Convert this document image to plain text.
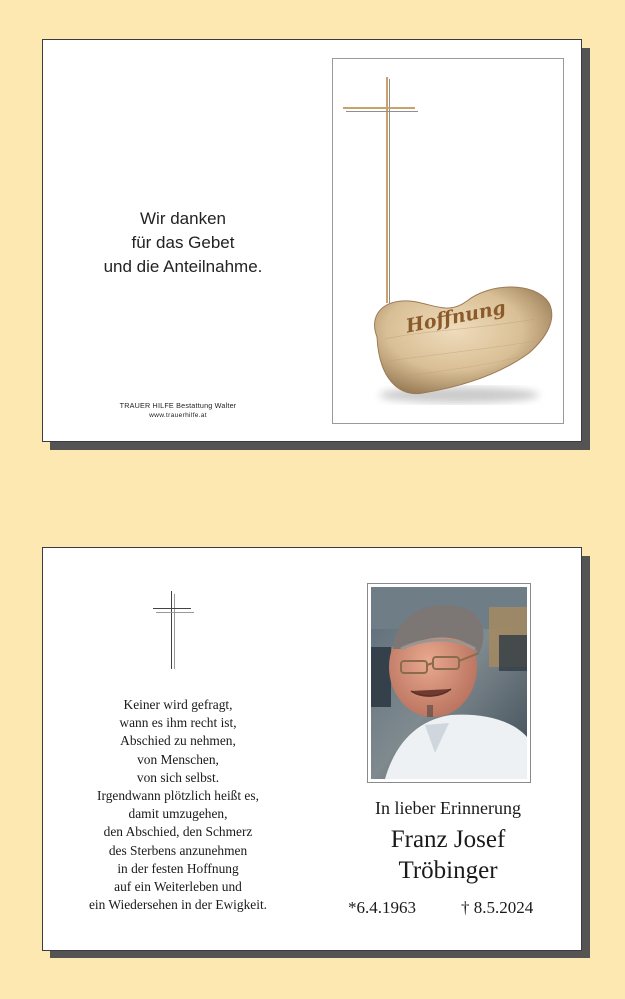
Wir danken
für das Gebet
und die Anteilnahme.
TRAUER HILFE Bestattung Walter
www.trauerhilfe.at
Hoffnung
Keiner wird gefragt,
wann es ihm recht ist,
Abschied zu nehmen,
von Menschen,
von sich selbst.
Irgendwann plötzlich heißt es,
damit umzugehen,
den Abschied, den Schmerz
des Sterbens anzunehmen
in der festen Hoffnung
auf ein Weiterleben und
ein Wiedersehen in der Ewigkeit.
In lieber Erinnerung
Franz Josef
Tröbinger
*6.4.1963	† 8.5.2024
